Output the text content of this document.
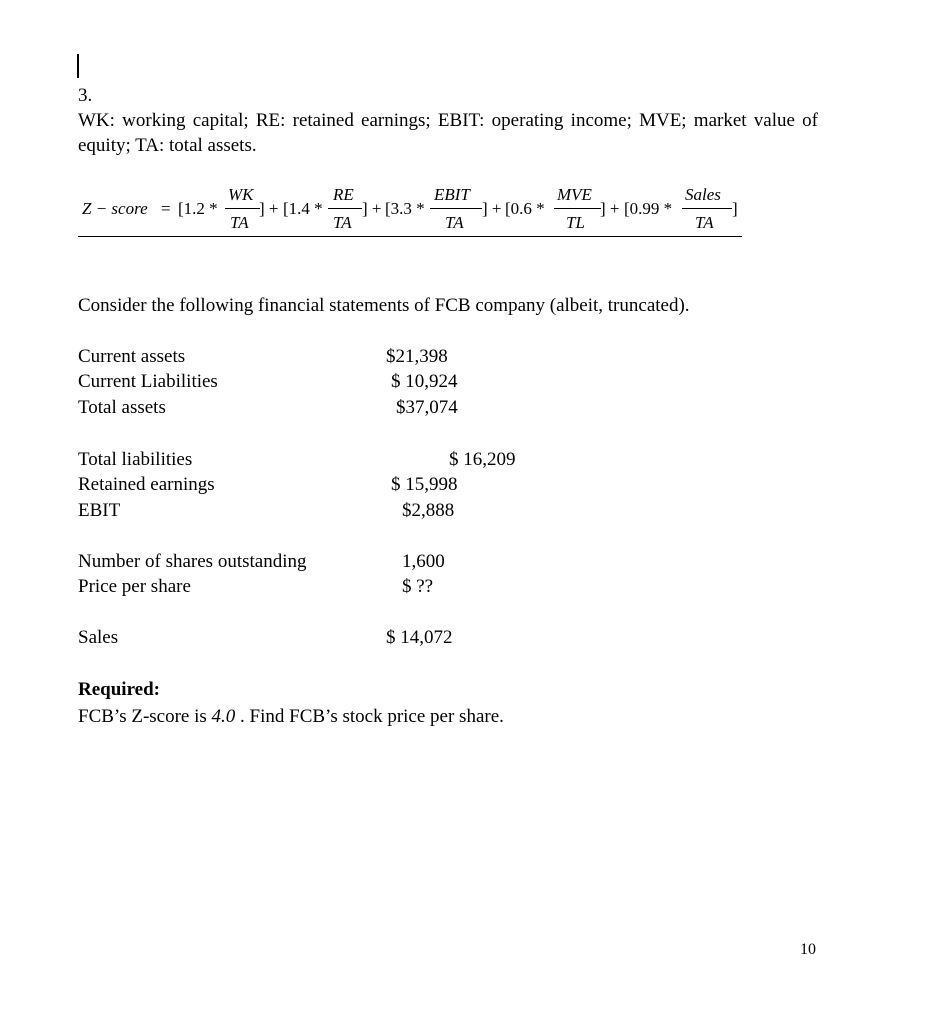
3.
WK: working capital; RE: retained earnings; EBIT: operating income; MVE; market value of equity; TA: total assets.
Z − score = [1.2 *
WK
TA
] + [1.4 *
RE
TA
] + [3.3 *
EBIT
TA
] + [0.6 *
MVE
TL
] + [0.99 *
Sales
TA
]
Consider the following financial statements of FCB company (albeit, truncated).
Current assets	$21,398
Current Liabilities	$ 10,924
Total assets	$37,074
Total liabilities	$ 16,209
Retained earnings	$ 15,998
EBIT	$2,888
Number of shares outstanding	1,600
Price per share	$ ??
Sales	$ 14,072
Required:
FCB’s Z-score is 4.0 . Find FCB’s stock price per share.
10
